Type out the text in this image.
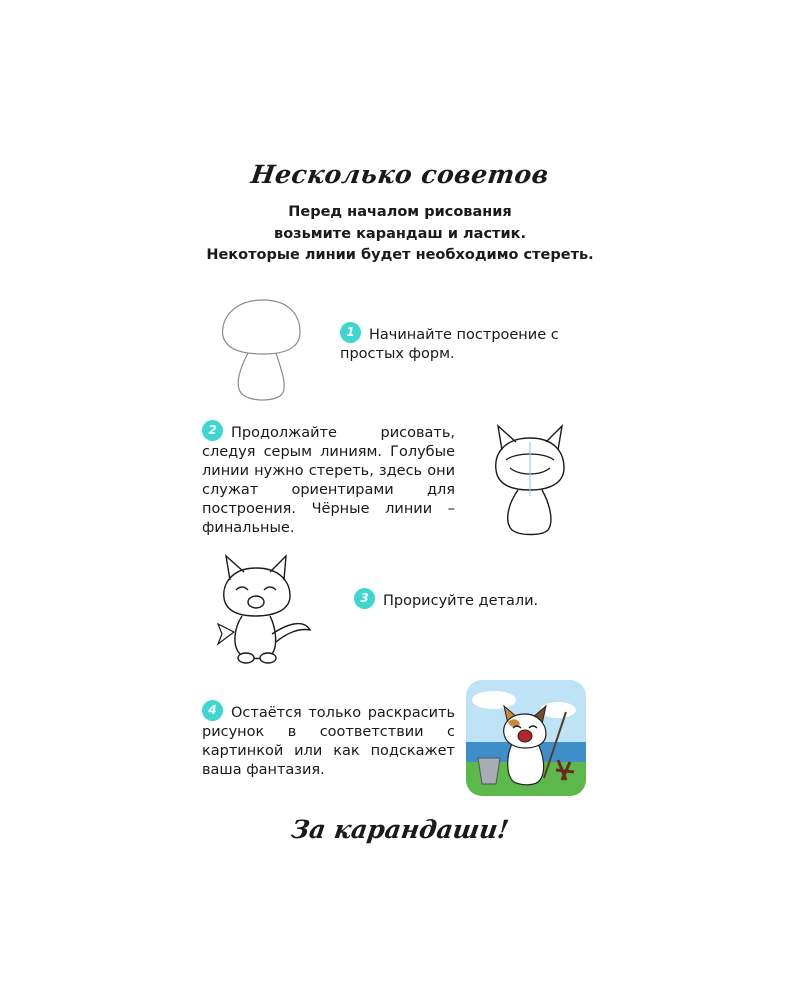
Несколько советов
Перед началом рисования
возьмите карандаш и ластик.
Некоторые линии будет необходимо стереть.
1 Начинайте построение с простых форм.
2 Продолжайте рисовать, следуя серым линиям. Голубые линии нужно стереть, здесь они служат ориентирами для построения. Чёрные линии – финальные.
3 Прорисуйте детали.
4 Остаётся только раскрасить рисунок в соответствии с картинкой или как подскажет ваша фантазия.
За карандаши!
